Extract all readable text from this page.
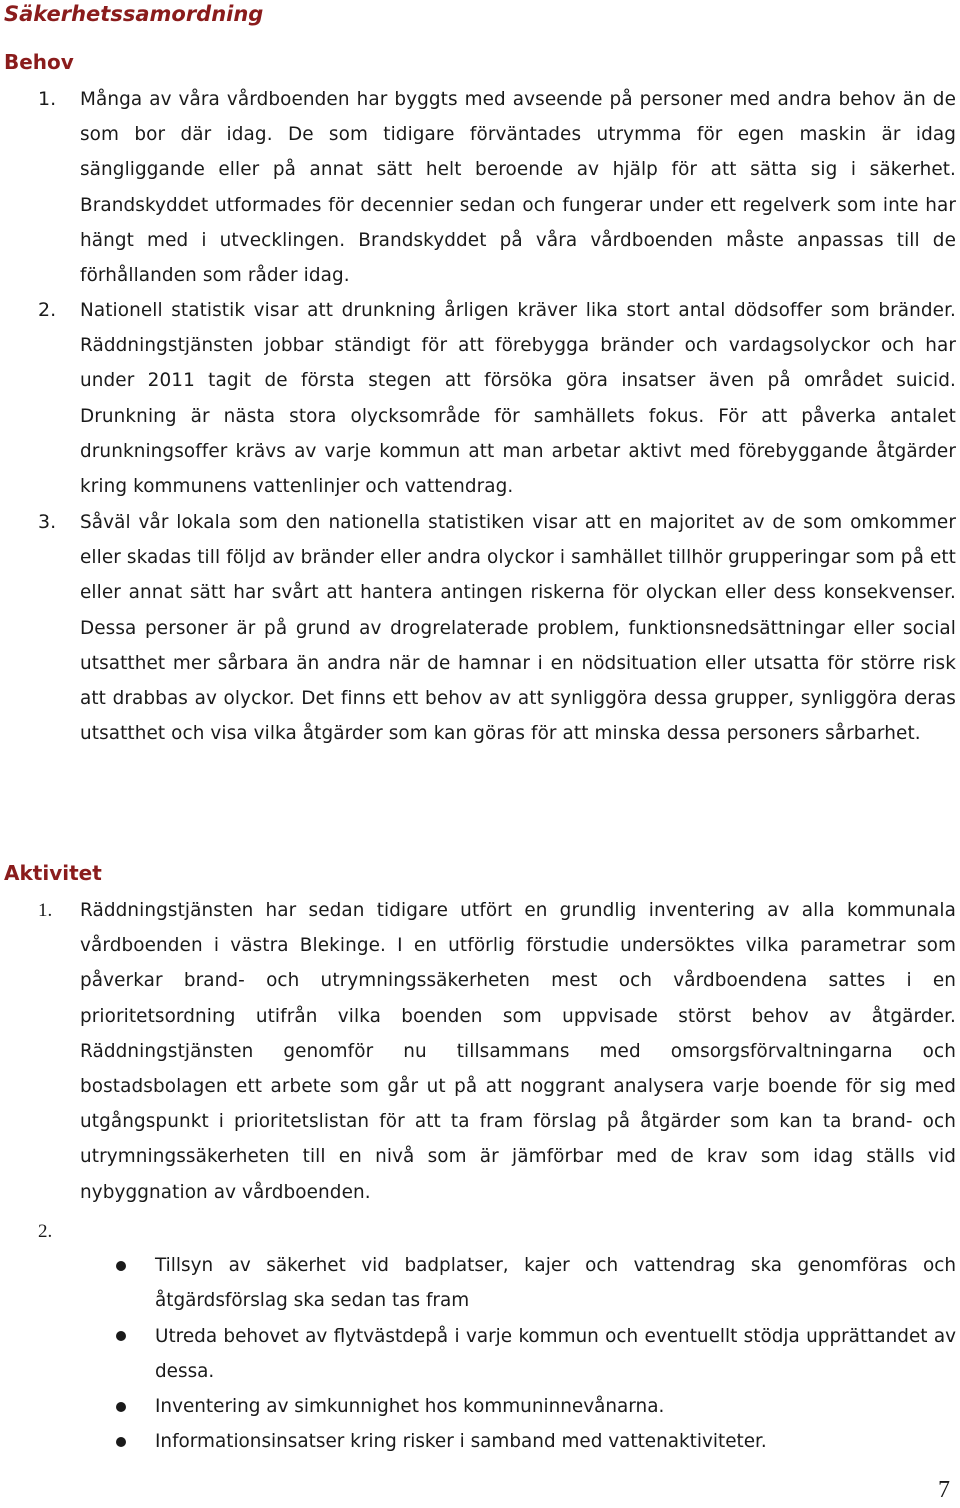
Säkerhetssamordning
Behov
1.	Många av våra vårdboenden har byggts med avseende på personer med andra behov än de som bor där idag. De som tidigare förväntades utrymma för egen maskin är idag sängliggande eller på annat sätt helt beroende av hjälp för att sätta sig i säkerhet. Brandskyddet utformades för decennier sedan och fungerar under ett regelverk som inte har hängt med i utvecklingen. Brandskyddet på våra vårdboenden måste anpassas till de förhållanden som råder idag.

2.	Nationell statistik visar att drunkning årligen kräver lika stort antal dödsoffer som bränder. Räddningstjänsten jobbar ständigt för att förebygga bränder och vardagsolyckor och har under 2011 tagit de första stegen att försöka göra insatser även på området suicid. Drunkning är nästa stora olycksområde för samhällets fokus. För att påverka antalet drunkningsoffer krävs av varje kommun att man arbetar aktivt med förebyggande åtgärder kring kommunens vattenlinjer och vattendrag.

3.	Såväl vår lokala som den nationella statistiken visar att en majoritet av de som omkommer eller skadas till följd av bränder eller andra olyckor i samhället tillhör grupperingar som på ett eller annat sätt har svårt att hantera antingen riskerna för olyckan eller dess konsekvenser. Dessa personer är på grund av drogrelaterade problem, funktionsnedsättningar eller social utsatthet mer sårbara än andra när de hamnar i en nödsituation eller utsatta för större risk att drabbas av olyckor. Det finns ett behov av att synliggöra dessa grupper, synliggöra deras utsatthet och visa vilka åtgärder som kan göras för att minska dessa personers sårbarhet.

Aktivitet
1.	Räddningstjänsten har sedan tidigare utfört en grundlig inventering av alla kommunala vårdboenden i västra Blekinge. I en utförlig förstudie undersöktes vilka parametrar som påverkar brand- och utrymningssäkerheten mest och vårdboendena sattes i en prioritetsordning utifrån vilka boenden som uppvisade störst behov av åtgärder. Räddningstjänsten genomför nu tillsammans med omsorgsförvaltningarna och bostadsbolagen ett arbete som går ut på att noggrant analysera varje boende för sig med utgångspunkt i prioritetslistan för att ta fram förslag på åtgärder som kan ta brand- och utrymningssäkerheten till en nivå som är jämförbar med de krav som idag ställs vid nybyggnation av vårdboenden.

2.

Tillsyn av säkerhet vid badplatser, kajer och vattendrag ska genomföras och åtgärdsförslag ska sedan tas fram

Utreda behovet av flytvästdepå i varje kommun och eventuellt stödja upprättandet av dessa.

Inventering av simkunnighet hos kommuninnevånarna.

Informationsinsatser kring risker i samband med vattenaktiviteter.

7
